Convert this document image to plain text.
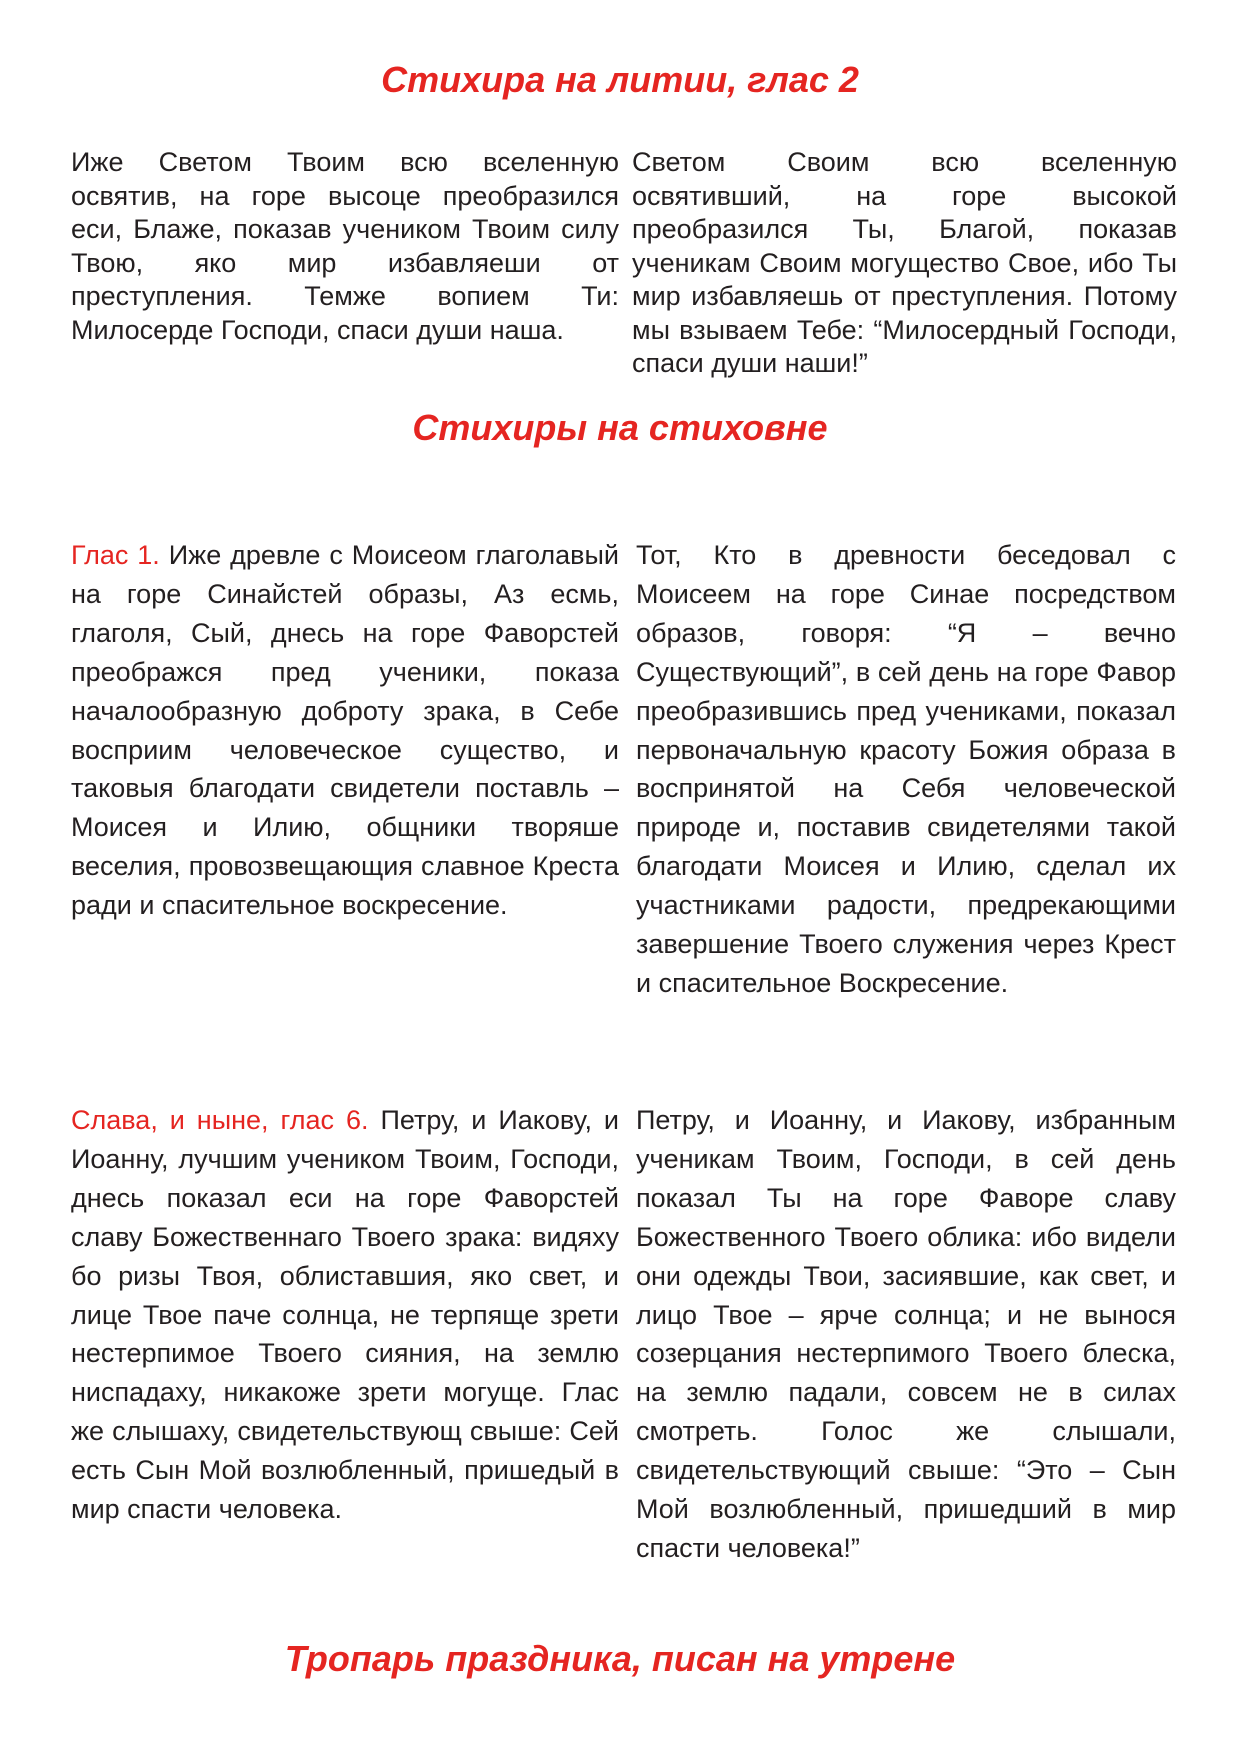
Стихира на литии, глас 2

Иже Светом Твоим всю вселенную освятив, на горе высоце преобразился еси, Блаже, показав учеником Твоим силу Твою, яко мир избавляеши от преступления. Темже вопием Ти: Милосерде Господи, спаси души наша.

Светом Своим всю вселенную освятивший, на горе высокой преобразился Ты, Благой, показав ученикам Своим могущество Свое, ибо Ты мир избавляешь от преступления. Потому мы взываем Тебе: “Милосердный Господи, спаси души наши!”

Стихиры на стиховне

Глас 1. Иже древле с Моисеом глаголавый на горе Синайстей образы, Аз есмь, глаголя, Сый, днесь на горе Фаворстей преображся пред ученики, показа началообразную доброту зрака, в Себе восприим человеческое существо, и таковыя благодати свидетели поставль – Моисея и Илию, общники творяше веселия, провозвещающия славное Креста ради и спасительное воскресение.

Тот, Кто в древности беседовал с Моисеем на горе Синае посредством образов, говоря: “Я – вечно Существующий”, в сей день на горе Фавор преобразившись пред учениками, показал первоначальную красоту Божия образа в воспринятой на Себя человеческой природе и, поставив свидетелями такой благодати Моисея и Илию, сделал их участниками радости, предрекающими завершение Твоего служения через Крест и спасительное Воскресение.

Слава, и ныне, глас 6. Петру, и Иакову, и Иоанну, лучшим учеником Твоим, Господи, днесь показал еси на горе Фаворстей славу Божественнаго Твоего зрака: видяху бо ризы Твоя, облиставшия, яко свет, и лице Твое паче солнца, не терпяще зрети нестерпимое Твоего сияния, на землю ниспадаху, никакоже зрети могуще. Глас же слышаху, свидетельствующ свыше: Сей есть Сын Мой возлюбленный, пришедый в мир спасти человека.

Петру, и Иоанну, и Иакову, избранным ученикам Твоим, Господи, в сей день показал Ты на горе Фаворе славу Божественного Твоего облика: ибо видели они одежды Твои, засиявшие, как свет, и лицо Твое – ярче солнца; и не вынося созерцания нестерпимого Твоего блеска, на землю падали, совсем не в силах смотреть. Голос же слышали, свидетельствующий свыше: “Это – Сын Мой возлюбленный, пришедший в мир спасти человека!”

Тропарь праздника, писан на утрене
